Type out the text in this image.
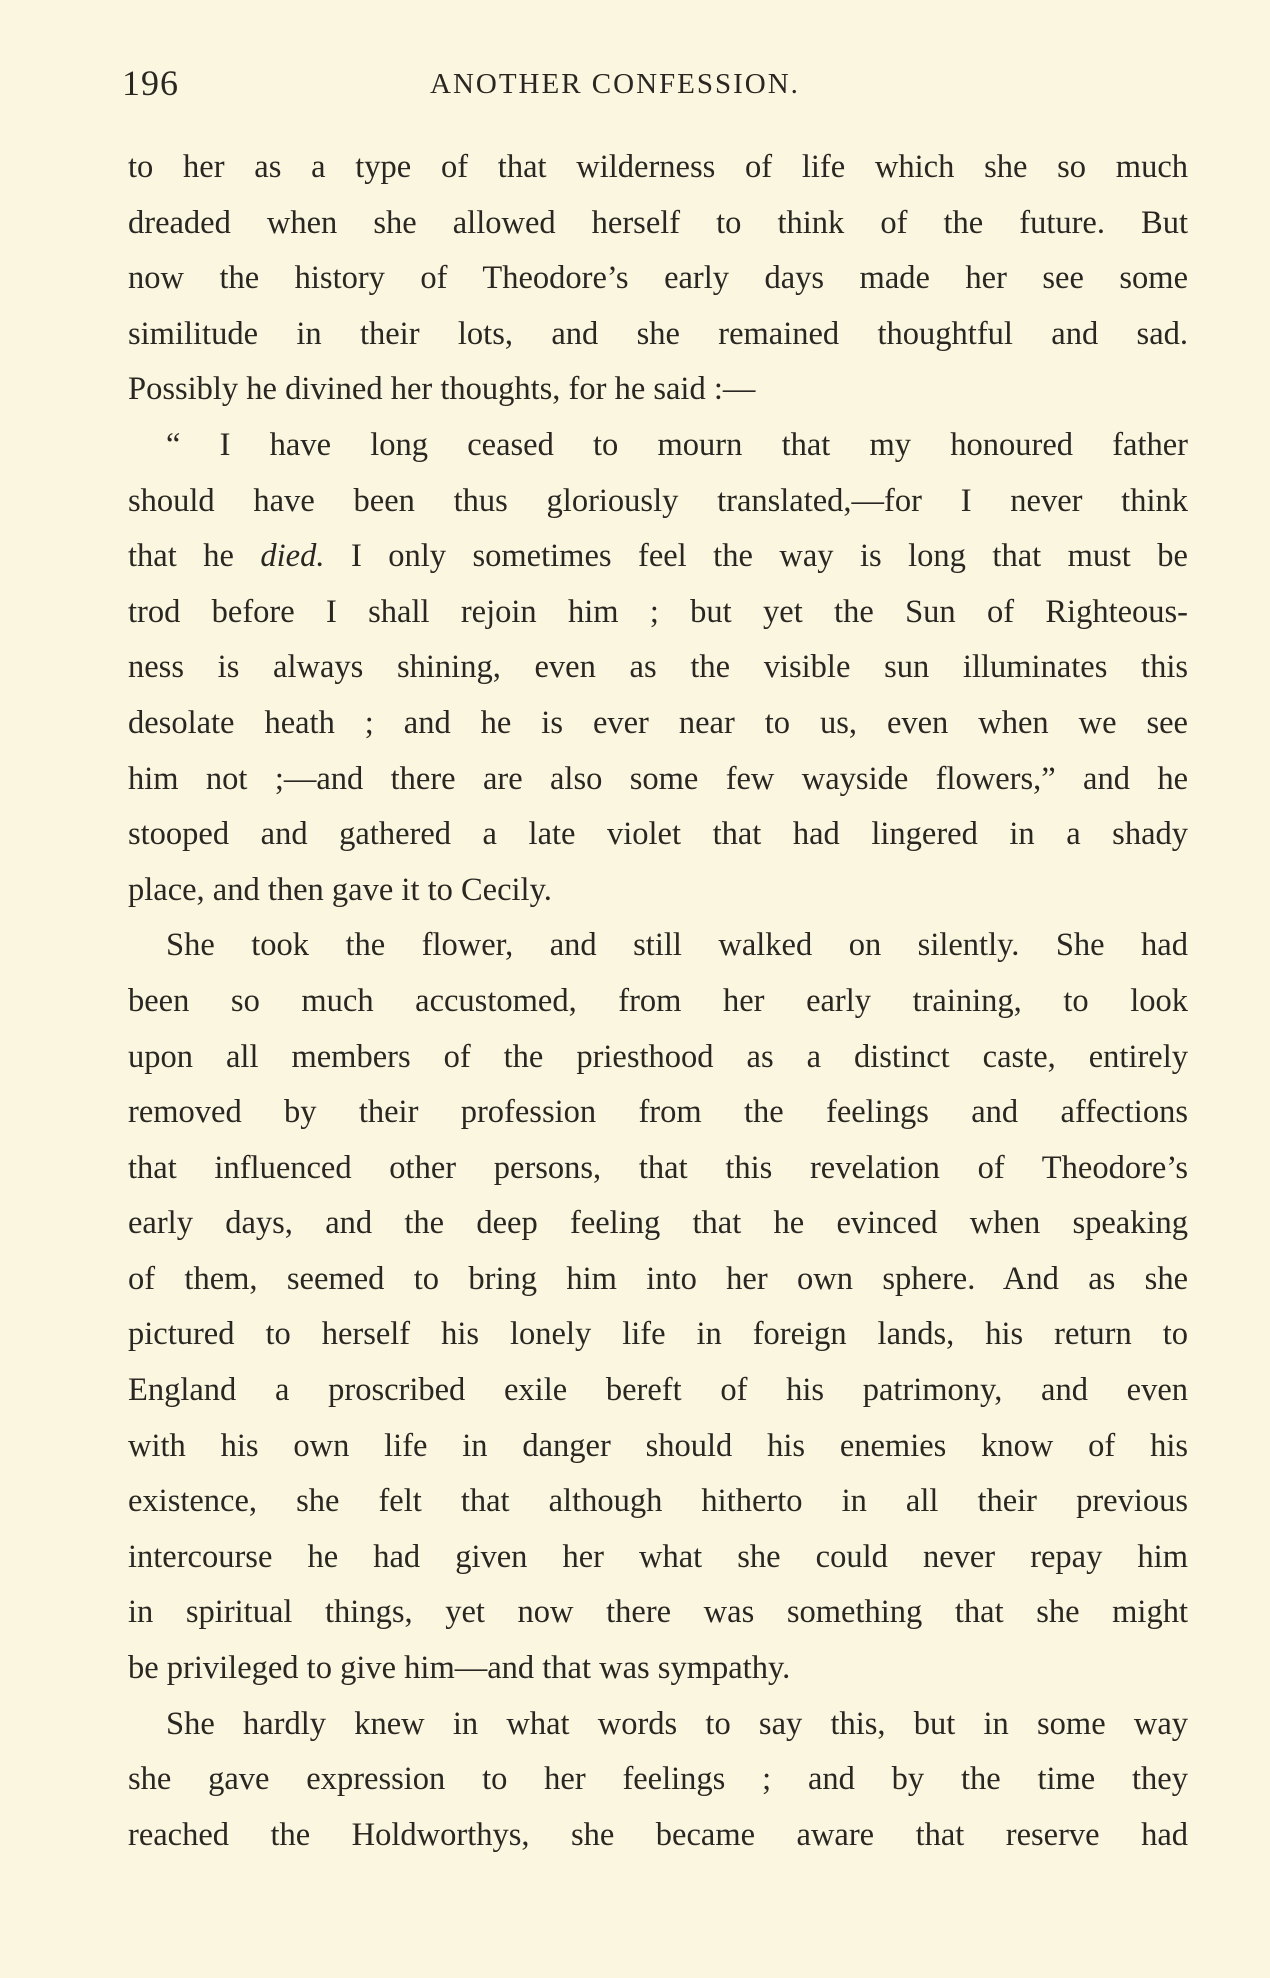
196	ANOTHER CONFESSION.
to her as a type of that wilderness of life which she so much
dreaded when she allowed herself to think of the future. But
now the history of Theodore’s early days made her see some
similitude in their lots, and she remained thoughtful and sad.
Possibly he divined her thoughts, for he said :—
“ I have long ceased to mourn that my honoured father
should have been thus gloriously translated,—for I never think
that he died. I only sometimes feel the way is long that must be
trod before I shall rejoin him ; but yet the Sun of Righteous-
ness is always shining, even as the visible sun illuminates this
desolate heath ; and he is ever near to us, even when we see
him not ;—and there are also some few wayside flowers,” and he
stooped and gathered a late violet that had lingered in a shady
place, and then gave it to Cecily.
She took the flower, and still walked on silently. She had
been so much accustomed, from her early training, to look
upon all members of the priesthood as a distinct caste, entirely
removed by their profession from the feelings and affections
that influenced other persons, that this revelation of Theodore’s
early days, and the deep feeling that he evinced when speaking
of them, seemed to bring him into her own sphere. And as she
pictured to herself his lonely life in foreign lands, his return to
England a proscribed exile bereft of his patrimony, and even
with his own life in danger should his enemies know of his
existence, she felt that although hitherto in all their previous
intercourse he had given her what she could never repay him
in spiritual things, yet now there was something that she might
be privileged to give him—and that was sympathy.
She hardly knew in what words to say this, but in some way
she gave expression to her feelings ; and by the time they
reached the Holdworthys, she became aware that reserve had
